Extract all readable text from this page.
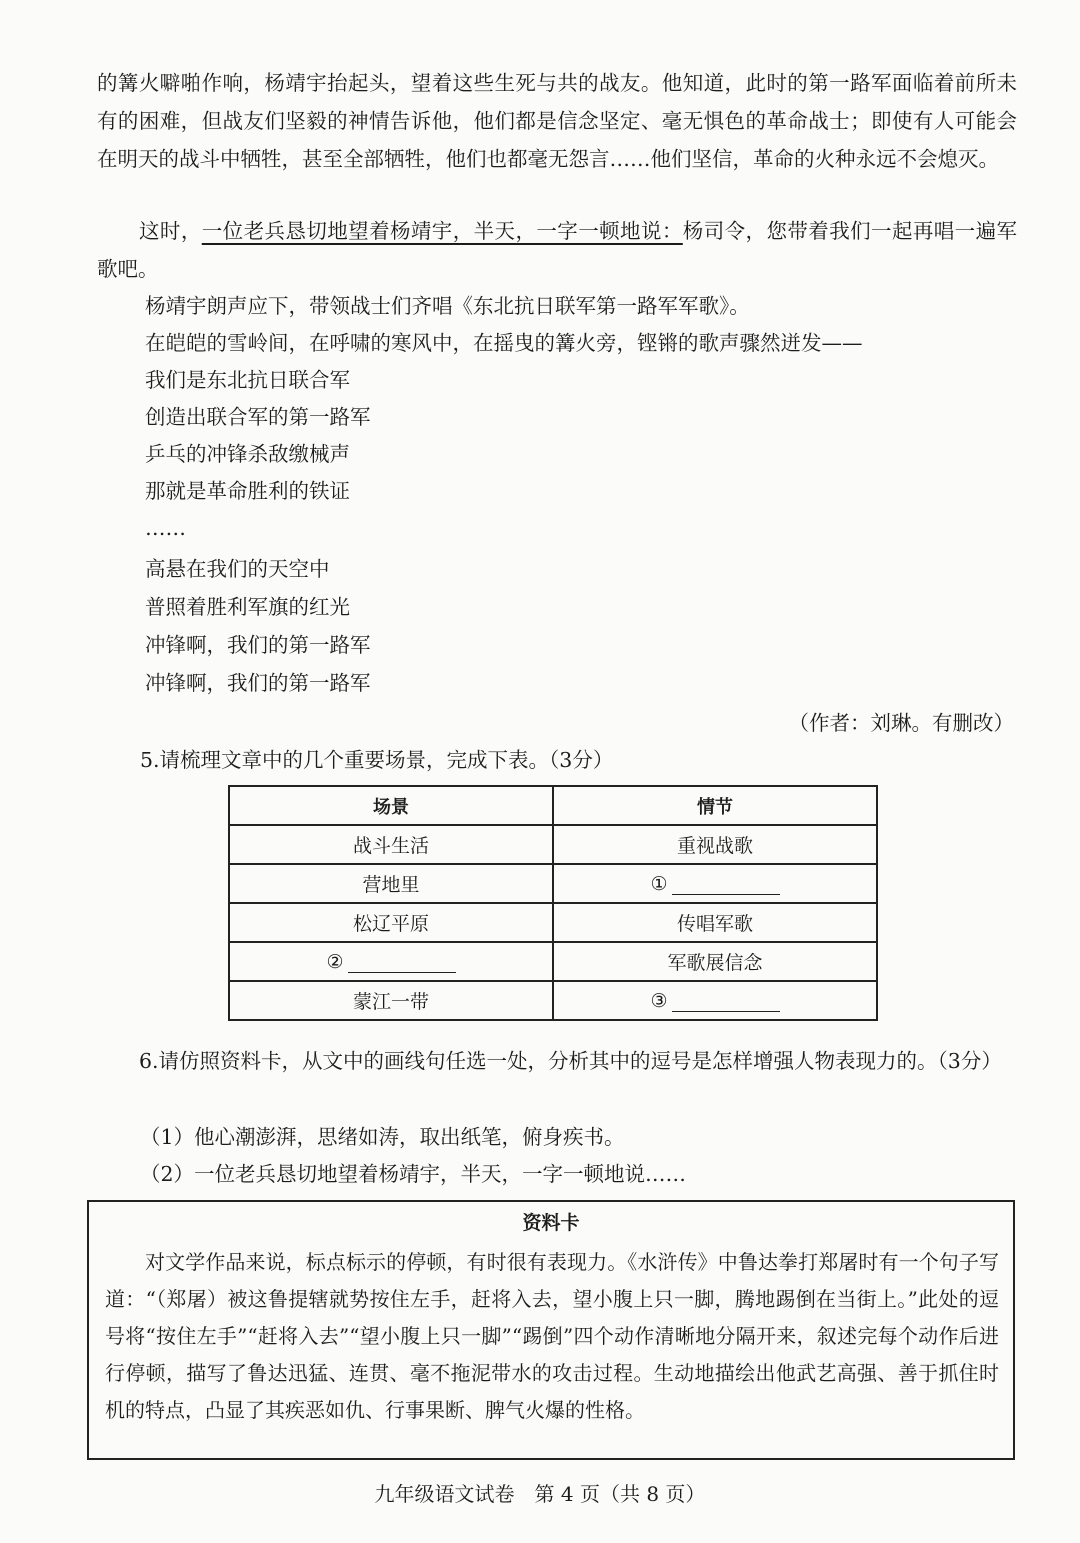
的篝火噼啪作响，杨靖宇抬起头，望着这些生死与共的战友。他知道，此时的第一路军面临着前所未有的困难，但战友们坚毅的神情告诉他，他们都是信念坚定、毫无惧色的革命战士；即使有人可能会在明天的战斗中牺牲，甚至全部牺牲，他们也都毫无怨言……他们坚信，革命的火种永远不会熄灭。

这时，一位老兵恳切地望着杨靖宇，半天，一字一顿地说：杨司令，您带着我们一起再唱一遍军歌吧。

杨靖宇朗声应下，带领战士们齐唱《东北抗日联军第一路军军歌》。

在皑皑的雪岭间，在呼啸的寒风中，在摇曳的篝火旁，铿锵的歌声骤然迸发——

我们是东北抗日联合军

创造出联合军的第一路军

乒乓的冲锋杀敌缴械声

那就是革命胜利的铁证

……

高悬在我们的天空中

普照着胜利军旗的红光

冲锋啊，我们的第一路军

冲锋啊，我们的第一路军

（作者：刘琳。有删改）

5.请梳理文章中的几个重要场景，完成下表。（3分）

场景	情节
战斗生活	重视战歌
营地里	①

松辽平原	传唱军歌

②	军歌展信念
蒙江一带	③

6.请仿照资料卡，从文中的画线句任选一处，分析其中的逗号是怎样增强人物表现力的。（3分）

（1）他心潮澎湃，思绪如涛，取出纸笔，俯身疾书。

（2）一位老兵恳切地望着杨靖宇，半天，一字一顿地说……

资料卡

对文学作品来说，标点标示的停顿，有时很有表现力。《水浒传》中鲁达拳打郑屠时有一个句子写道：“（郑屠）被这鲁提辖就势按住左手，赶将入去，望小腹上只一脚，腾地踢倒在当街上。”此处的逗号将“按住左手”“赶将入去”“望小腹上只一脚”“踢倒”四个动作清晰地分隔开来，叙述完每个动作后进行停顿，描写了鲁达迅猛、连贯、毫不拖泥带水的攻击过程。生动地描绘出他武艺高强、善于抓住时机的特点，凸显了其疾恶如仇、行事果断、脾气火爆的性格。

九年级语文试卷　第 4 页（共 8 页）
